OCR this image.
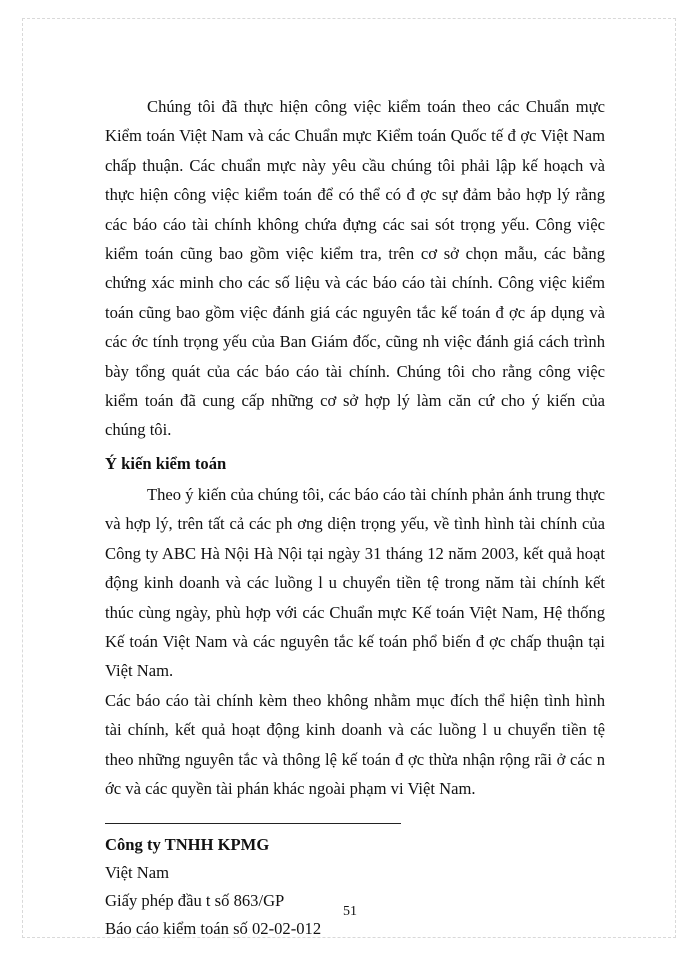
Chúng tôi đã thực hiện công việc kiểm toán theo các Chuẩn mực Kiểm toán Việt Nam và các Chuẩn mực Kiểm toán Quốc tế đ ợc Việt Nam chấp thuận. Các chuẩn mực này yêu cầu chúng tôi phải lập kế hoạch và thực hiện công việc kiểm toán để có thể có đ ợc sự đảm bảo hợp lý rằng các báo cáo tài chính không chứa đựng các sai sót trọng yếu. Công việc kiểm toán cũng bao gồm việc kiểm tra, trên cơ sở chọn mẫu, các bằng chứng xác minh cho các số liệu và các báo cáo tài chính. Công việc kiểm toán cũng bao gồm việc đánh giá các nguyên tắc kế toán đ ợc áp dụng và các ớc tính trọng yếu của Ban Giám đốc, cũng nh việc đánh giá cách trình bày tổng quát của các báo cáo tài chính. Chúng tôi cho rằng công việc kiểm toán đã cung cấp những cơ sở hợp lý làm căn cứ cho ý kiến của chúng tôi.

Ý kiến kiểm toán

Theo ý kiến của chúng tôi, các báo cáo tài chính phản ánh trung thực và hợp lý, trên tất cả các ph ơng diện trọng yếu, về tình hình tài chính của Công ty ABC Hà Nội Hà Nội tại ngày 31 tháng 12 năm 2003, kết quả hoạt động kinh doanh và các luồng l u chuyển tiền tệ trong năm tài chính kết thúc cùng ngày, phù hợp với các Chuẩn mực Kế toán Việt Nam, Hệ thống Kế toán Việt Nam và các nguyên tắc kế toán phổ biến đ ợc chấp thuận tại Việt Nam.

Các báo cáo tài chính kèm theo không nhằm mục đích thể hiện tình hình tài chính, kết quả hoạt động kinh doanh và các luồng l u chuyển tiền tệ theo những nguyên tắc và thông lệ kế toán đ ợc thừa nhận rộng rãi ở các n ớc và các quyền tài phán khác ngoài phạm vi Việt Nam.

Công ty TNHH KPMG
Việt Nam
Giấy phép đầu t số 863/GP
Báo cáo kiểm toán số 02-02-012
51
